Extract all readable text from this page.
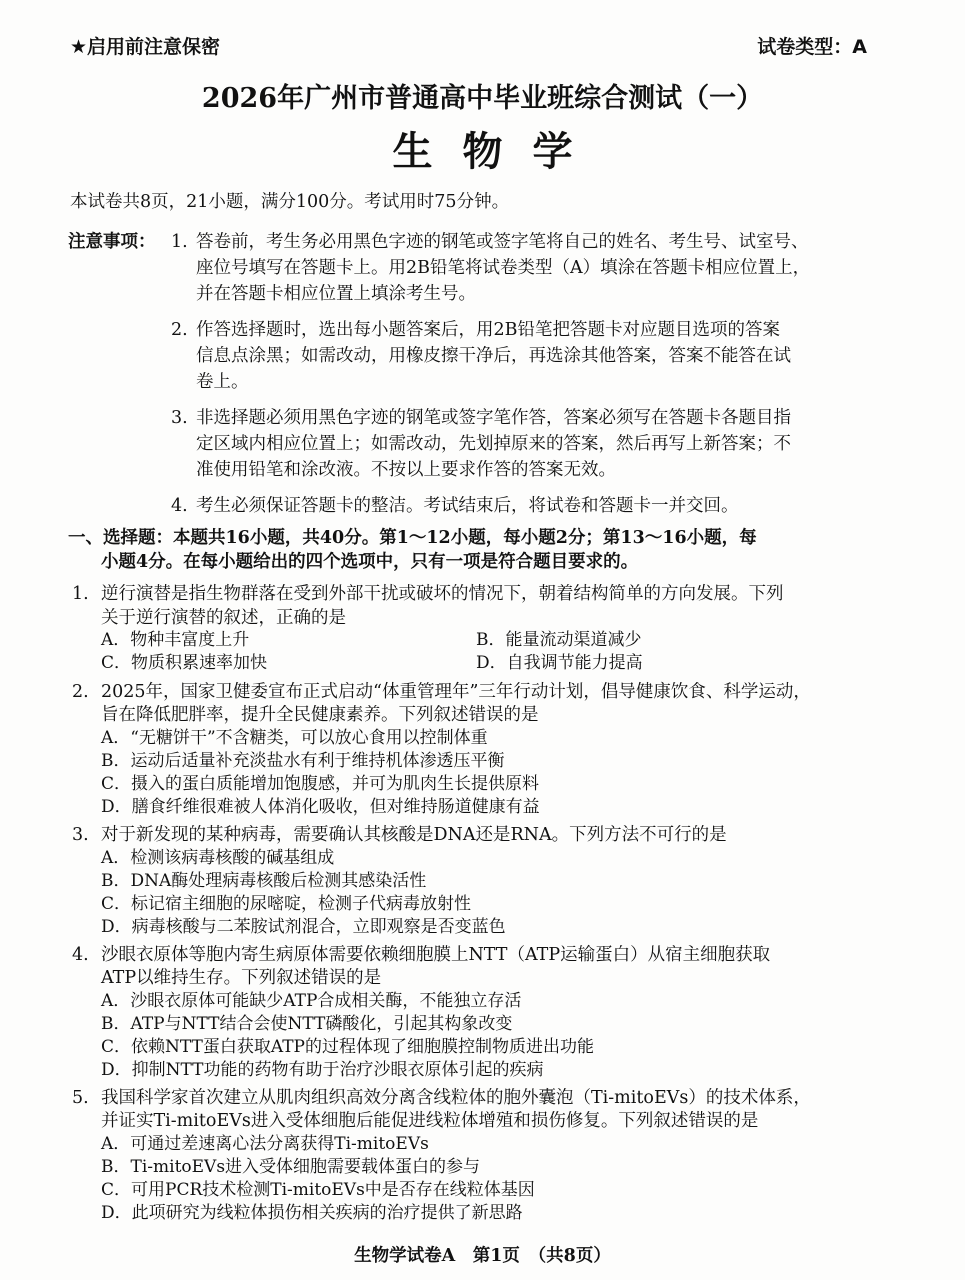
★启用前注意保密	试卷类型：A
2026年广州市普通高中毕业班综合测试（一）
生物学
本试卷共8页，21小题，满分100分。考试用时75分钟。
注意事项： 1. 答卷前，考生务必用黑色字迹的钢笔或签字笔将自己的姓名、考生号、试室号、
座位号填写在答题卡上。用2B铅笔将试卷类型（A）填涂在答题卡相应位置上，
并在答题卡相应位置上填涂考生号。
2. 作答选择题时，选出每小题答案后，用2B铅笔把答题卡对应题目选项的答案
信息点涂黑；如需改动，用橡皮擦干净后，再选涂其他答案，答案不能答在试
卷上。
3. 非选择题必须用黑色字迹的钢笔或签字笔作答，答案必须写在答题卡各题目指
定区域内相应位置上；如需改动，先划掉原来的答案，然后再写上新答案；不
准使用铅笔和涂改液。不按以上要求作答的答案无效。
4. 考生必须保证答题卡的整洁。考试结束后，将试卷和答题卡一并交回。
一、选择题：本题共16小题，共40分。第1～12小题，每小题2分；第13～16小题，每
小题4分。在每小题给出的四个选项中，只有一项是符合题目要求的。
1. 逆行演替是指生物群落在受到外部干扰或破坏的情况下，朝着结构简单的方向发展。下列
关于逆行演替的叙述，正确的是
A．物种丰富度上升	B．能量流动渠道减少
C．物质积累速率加快	D．自我调节能力提高
2. 2025年，国家卫健委宣布正式启动“体重管理年”三年行动计划，倡导健康饮食、科学运动，
旨在降低肥胖率，提升全民健康素养。下列叙述错误的是
A．“无糖饼干”不含糖类，可以放心食用以控制体重
B．运动后适量补充淡盐水有利于维持机体渗透压平衡
C．摄入的蛋白质能增加饱腹感，并可为肌肉生长提供原料
D．膳食纤维很难被人体消化吸收，但对维持肠道健康有益
3. 对于新发现的某种病毒，需要确认其核酸是DNA还是RNA。下列方法不可行的是
A．检测该病毒核酸的碱基组成
B．DNA酶处理病毒核酸后检测其感染活性
C．标记宿主细胞的尿嘧啶，检测子代病毒放射性
D．病毒核酸与二苯胺试剂混合，立即观察是否变蓝色
4. 沙眼衣原体等胞内寄生病原体需要依赖细胞膜上NTT（ATP运输蛋白）从宿主细胞获取
ATP以维持生存。下列叙述错误的是
A．沙眼衣原体可能缺少ATP合成相关酶，不能独立存活
B．ATP与NTT结合会使NTT磷酸化，引起其构象改变
C．依赖NTT蛋白获取ATP的过程体现了细胞膜控制物质进出功能
D．抑制NTT功能的药物有助于治疗沙眼衣原体引起的疾病
5. 我国科学家首次建立从肌肉组织高效分离含线粒体的胞外囊泡（Ti-mitoEVs）的技术体系，
并证实Ti-mitoEVs进入受体细胞后能促进线粒体增殖和损伤修复。下列叙述错误的是
A．可通过差速离心法分离获得Ti-mitoEVs
B．Ti-mitoEVs进入受体细胞需要载体蛋白的参与
C．可用PCR技术检测Ti-mitoEVs中是否存在线粒体基因
D．此项研究为线粒体损伤相关疾病的治疗提供了新思路
生物学试卷A　第1页　（共8页）
